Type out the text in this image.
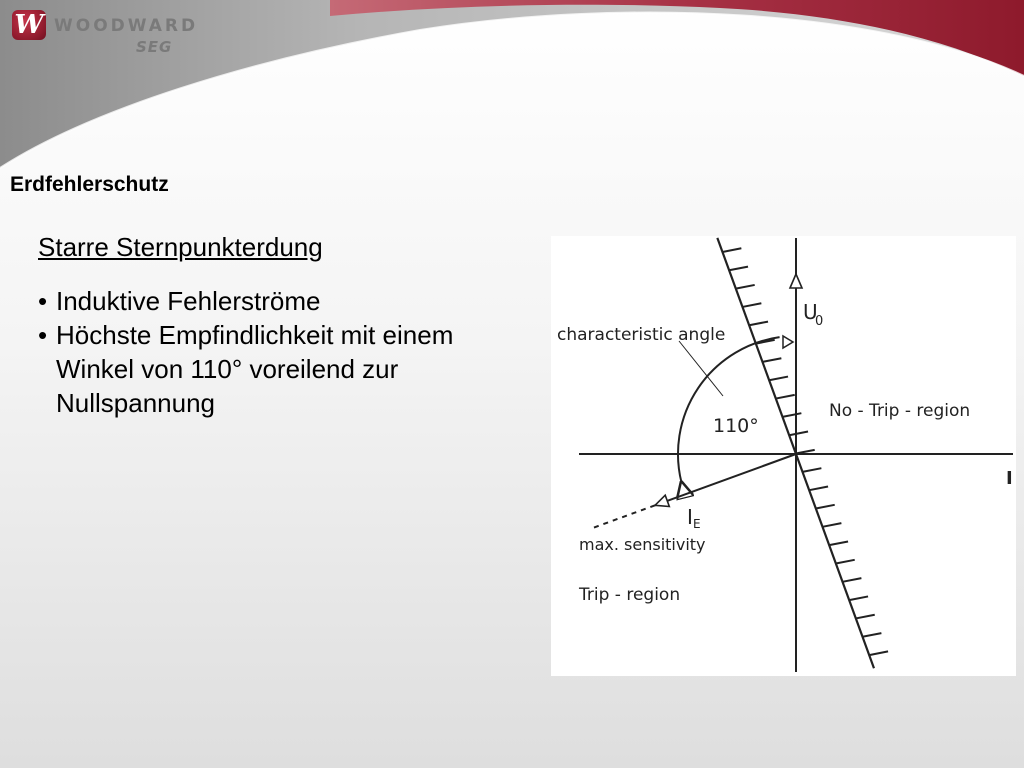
W WOODWARD
SEG
Erdfehlerschutz
Starre Sternpunkterdung
• Induktive Fehlerströme
• Höchste Empfindlichkeit mit einem
Winkel von 110° voreilend zur
Nullspannung
characteristic angle
110°
U
0
I
No - Trip - region
I E
max. sensitivity
Trip - region
